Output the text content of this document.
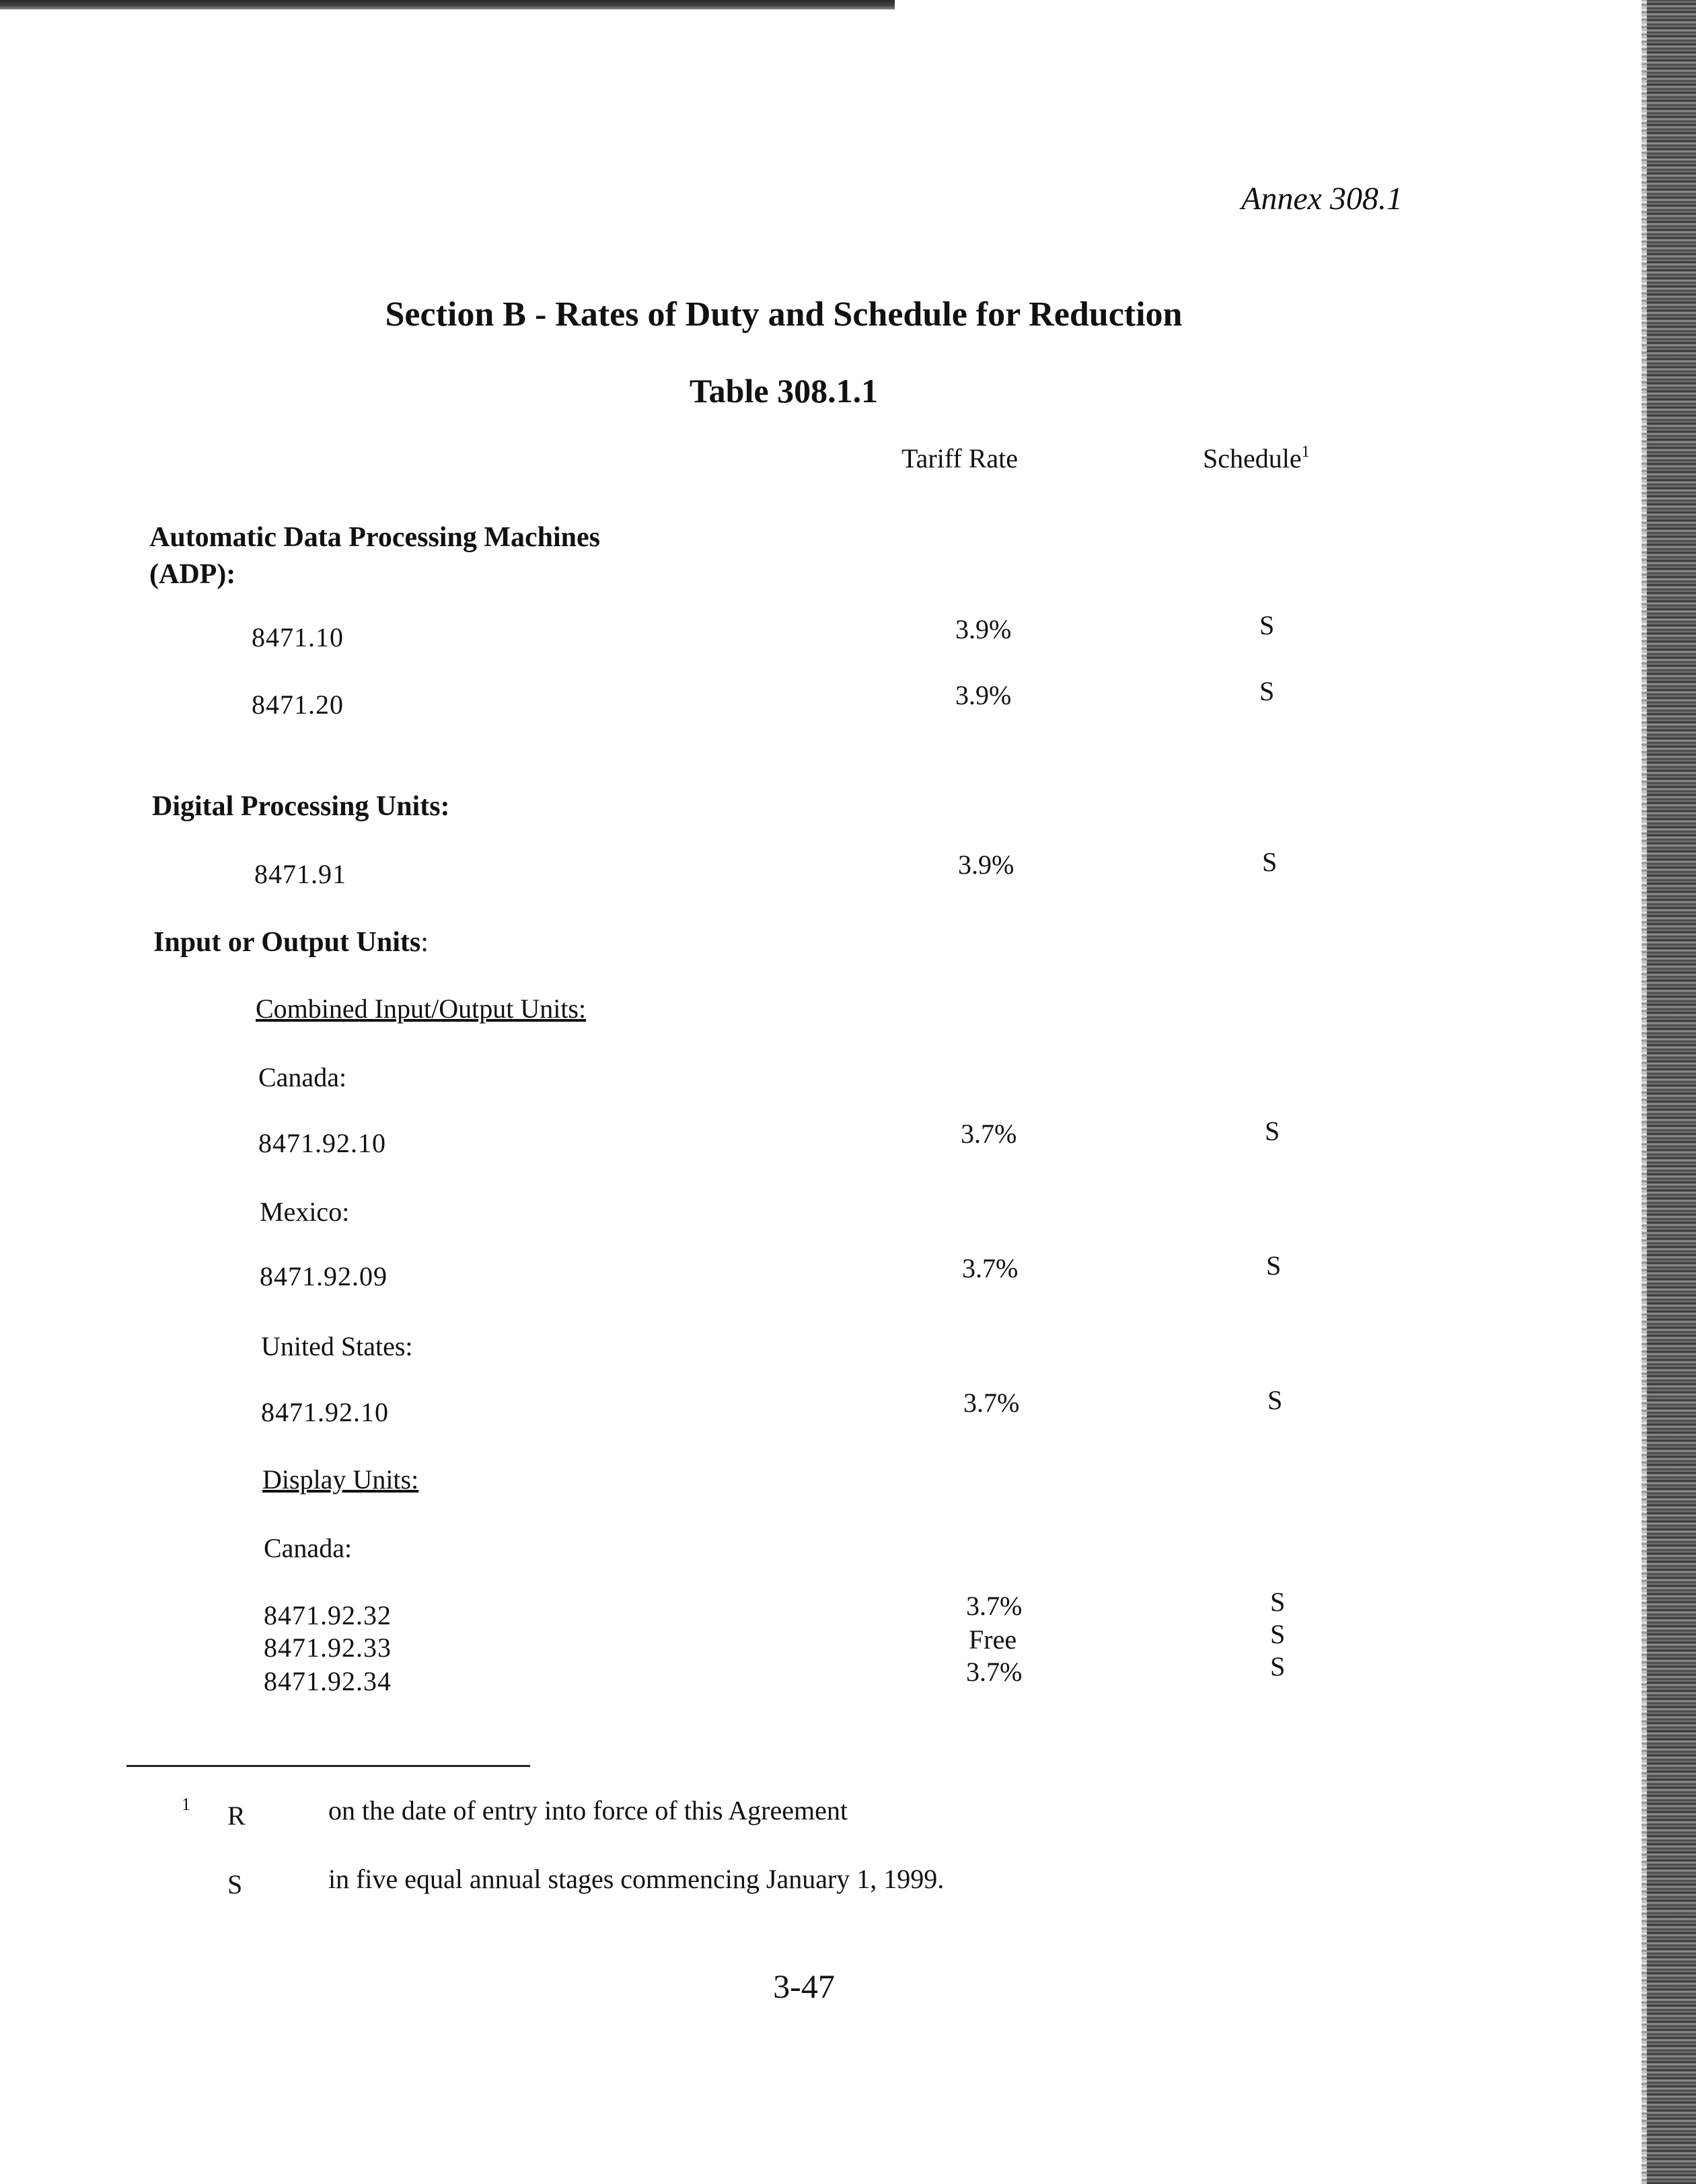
Annex 308.1
Section B - Rates of Duty and Schedule for Reduction
Table 308.1.1
Tariff Rate	Schedule$^1$
Automatic Data Processing Machines (ADP):
8471.10	3.9%	S
8471.20	3.9%	S
Digital Processing Units:
8471.91	3.9%	S
Input or Output Units:
Combined Input/Output Units:
Canada:
8471.92.10	3.7%	S
Mexico:
8471.92.09	3.7%	S
United States:
8471.92.10	3.7%	S
Display Units:
Canada:
8471.92.32	3.7%	S
8471.92.33	Free	S
8471.92.34	3.7%	S
1 R	on the date of entry into force of this Agreement
S	in five equal annual stages commencing January 1, 1999.
3-47
